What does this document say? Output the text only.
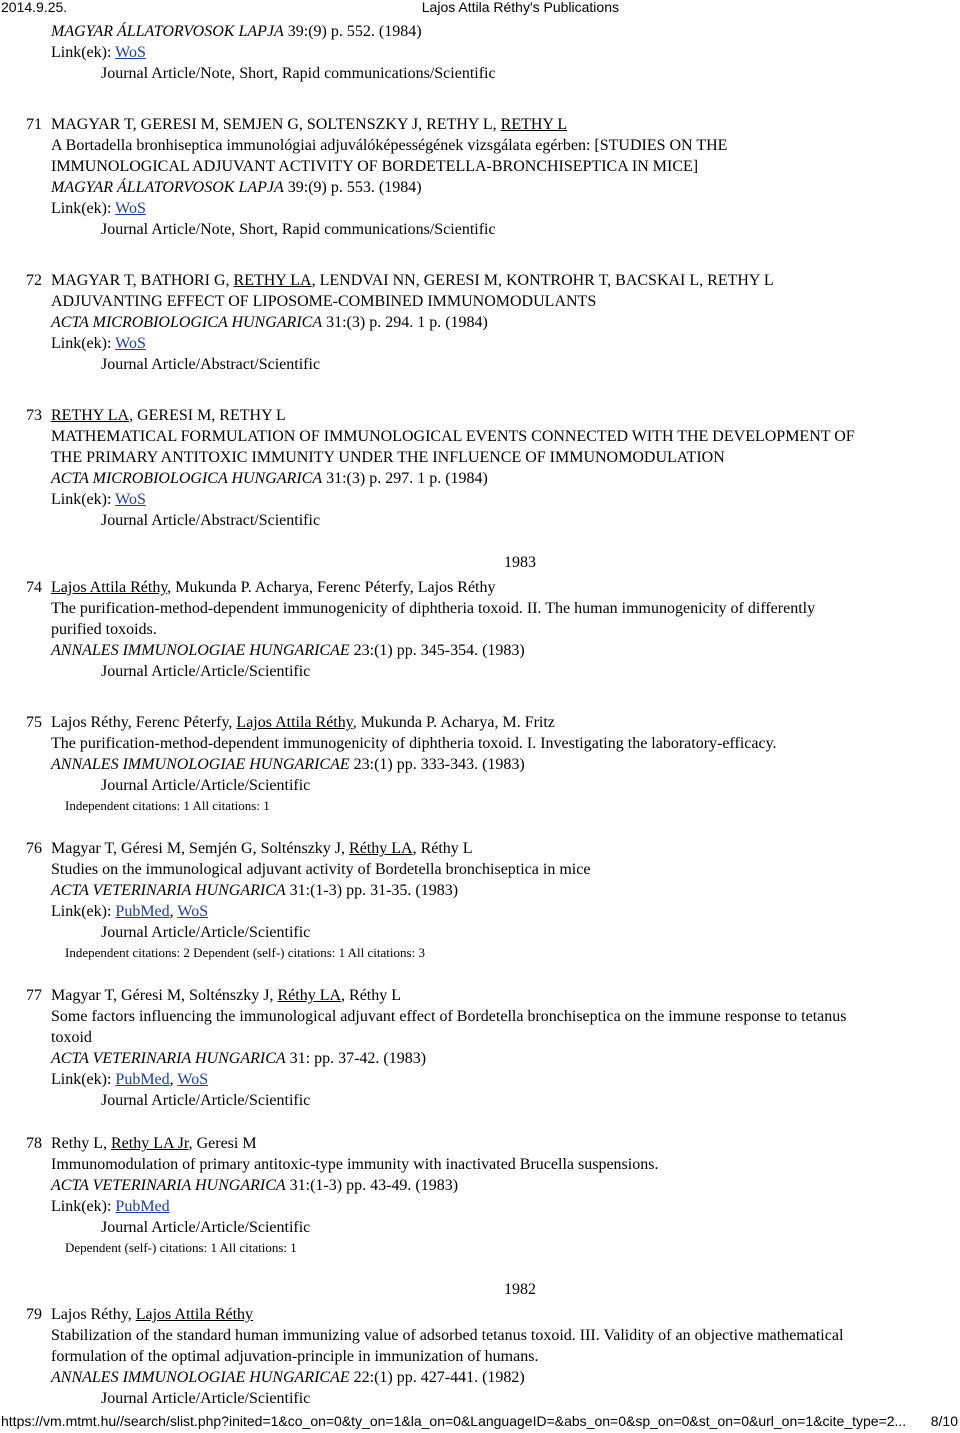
2014.9.25.	Lajos Attila Réthy's Publications
MAGYAR ÁLLATORVOSOK LAPJA 39:(9) p. 552. (1984)
Link(ek): WoS
Journal Article/Note, Short, Rapid communications/Scientific
71 MAGYAR T, GERESI M, SEMJEN G, SOLTENSZKY J, RETHY L, RETHY L
A Bortadella bronhiseptica immunológiai adjuválóképességének vizsgálata egérben: [STUDIES ON THE IMMUNOLOGICAL ADJUVANT ACTIVITY OF BORDETELLA-BRONCHISEPTICA IN MICE]
MAGYAR ÁLLATORVOSOK LAPJA 39:(9) p. 553. (1984)
Link(ek): WoS
Journal Article/Note, Short, Rapid communications/Scientific
72 MAGYAR T, BATHORI G, RETHY LA, LENDVAI NN, GERESI M, KONTROHR T, BACSKAI L, RETHY L
ADJUVANTING EFFECT OF LIPOSOME-COMBINED IMMUNOMODULANTS
ACTA MICROBIOLOGICA HUNGARICA 31:(3) p. 294. 1 p. (1984)
Link(ek): WoS
Journal Article/Abstract/Scientific
73 RETHY LA, GERESI M, RETHY L
MATHEMATICAL FORMULATION OF IMMUNOLOGICAL EVENTS CONNECTED WITH THE DEVELOPMENT OF THE PRIMARY ANTITOXIC IMMUNITY UNDER THE INFLUENCE OF IMMUNOMODULATION
ACTA MICROBIOLOGICA HUNGARICA 31:(3) p. 297. 1 p. (1984)
Link(ek): WoS
Journal Article/Abstract/Scientific
1983
74 Lajos Attila Réthy, Mukunda P. Acharya, Ferenc Péterfy, Lajos Réthy
The purification-method-dependent immunogenicity of diphtheria toxoid. II. The human immunogenicity of differently purified toxoids.
ANNALES IMMUNOLOGIAE HUNGARICAE 23:(1) pp. 345-354. (1983)
Journal Article/Article/Scientific
75 Lajos Réthy, Ferenc Péterfy, Lajos Attila Réthy, Mukunda P. Acharya, M. Fritz
The purification-method-dependent immunogenicity of diphtheria toxoid. I. Investigating the laboratory-efficacy.
ANNALES IMMUNOLOGIAE HUNGARICAE 23:(1) pp. 333-343. (1983)
Journal Article/Article/Scientific
Independent citations: 1 All citations: 1
76 Magyar T, Géresi M, Semjén G, Solténszky J, Réthy LA, Réthy L
Studies on the immunological adjuvant activity of Bordetella bronchiseptica in mice
ACTA VETERINARIA HUNGARICA 31:(1-3) pp. 31-35. (1983)
Link(ek): PubMed, WoS
Journal Article/Article/Scientific
Independent citations: 2 Dependent (self-) citations: 1 All citations: 3
77 Magyar T, Géresi M, Solténszky J, Réthy LA, Réthy L
Some factors influencing the immunological adjuvant effect of Bordetella bronchiseptica on the immune response to tetanus toxoid
ACTA VETERINARIA HUNGARICA 31: pp. 37-42. (1983)
Link(ek): PubMed, WoS
Journal Article/Article/Scientific
78 Rethy L, Rethy LA Jr, Geresi M
Immunomodulation of primary antitoxic-type immunity with inactivated Brucella suspensions.
ACTA VETERINARIA HUNGARICA 31:(1-3) pp. 43-49. (1983)
Link(ek): PubMed
Journal Article/Article/Scientific
Dependent (self-) citations: 1 All citations: 1
1982
79 Lajos Réthy, Lajos Attila Réthy
Stabilization of the standard human immunizing value of adsorbed tetanus toxoid. III. Validity of an objective mathematical formulation of the optimal adjuvation-principle in immunization of humans.
ANNALES IMMUNOLOGIAE HUNGARICAE 22:(1) pp. 427-441. (1982)
Journal Article/Article/Scientific
https://vm.mtmt.hu//search/slist.php?inited=1&co_on=0&ty_on=1&la_on=0&LanguageID=&abs_on=0&sp_on=0&st_on=0&url_on=1&cite_type=2... 8/10
